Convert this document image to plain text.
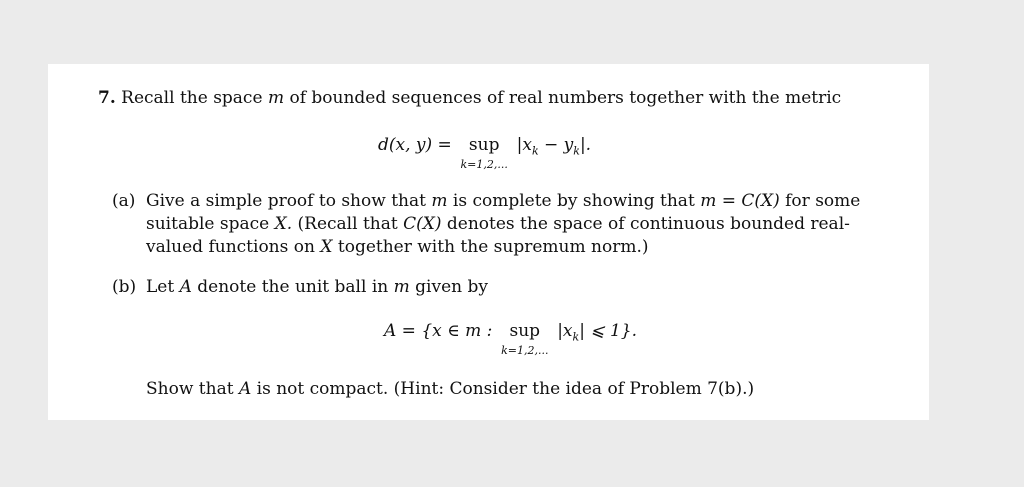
7. Recall the space m of bounded sequences of real numbers together with the metric
d(x, y) = sup
k=1,2,...
$|x_k - y_k|$.
(a) Give a simple proof to show that m is complete by showing that m = C(X) for some
suitable space X. (Recall that C(X) denotes the space of continuous bounded real-
valued functions on X together with the supremum norm.)
(b) Let A denote the unit ball in m given by
A = {x ∈ m : sup
k=1,2,...
$|x_k|$ ⩽ 1}.
Show that A is not compact. (Hint: Consider the idea of Problem 7(b).)
